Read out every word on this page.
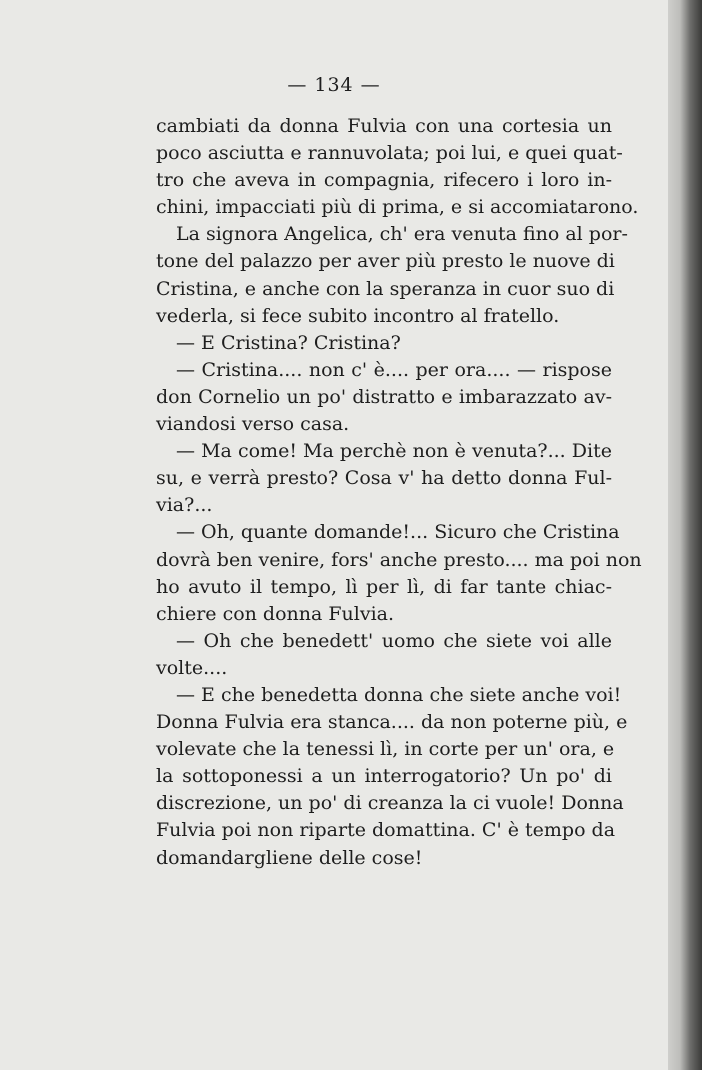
— 134 —
cambiati da donna Fulvia con una cortesia un
poco asciutta e rannuvolata; poi lui, e quei quat-
tro che aveva in compagnia, rifecero i loro in-
chini, impacciati più di prima, e si accomiatarono.
La signora Angelica, ch' era venuta fino al por-
tone del palazzo per aver più presto le nuove di
Cristina, e anche con la speranza in cuor suo di
vederla, si fece subito incontro al fratello.
— E Cristina? Cristina?
— Cristina.... non c' è.... per ora.... — rispose
don Cornelio un po' distratto e imbarazzato av-
viandosi verso casa.
— Ma come! Ma perchè non è venuta?... Dite
su, e verrà presto? Cosa v' ha detto donna Ful-
via?...
— Oh, quante domande!... Sicuro che Cristina
dovrà ben venire, fors' anche presto.... ma poi non
ho avuto il tempo, lì per lì, di far tante chiac-
chiere con donna Fulvia.
— Oh che benedett' uomo che siete voi alle
volte....
— E che benedetta donna che siete anche voi!
Donna Fulvia era stanca.... da non poterne più, e
volevate che la tenessi lì, in corte per un' ora, e
la sottoponessi a un interrogatorio? Un po' di
discrezione, un po' di creanza la ci vuole! Donna
Fulvia poi non riparte domattina. C' è tempo da
domandargliene delle cose!
